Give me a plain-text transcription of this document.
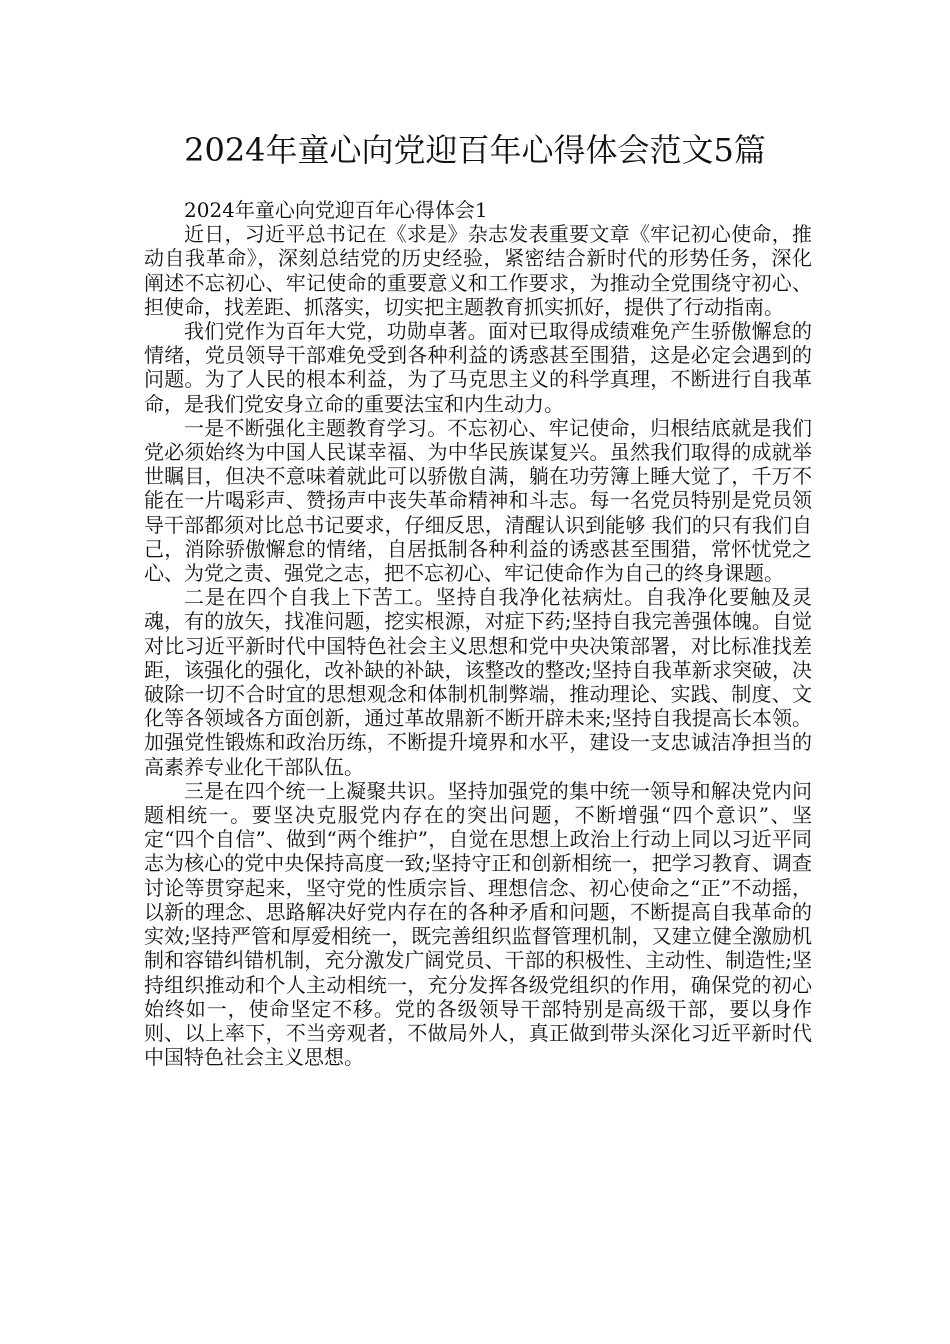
2024年童心向党迎百年心得体会范文5篇

2024年童心向党迎百年心得体会1

近日，习近平总书记在《求是》杂志发表重要文章《牢记初心使命，推动自我革命》，深刻总结党的历史经验，紧密结合新时代的形势任务，深化阐述不忘初心、牢记使命的重要意义和工作要求，为推动全党围绕守初心、担使命，找差距、抓落实，切实把主题教育抓实抓好，提供了行动指南。

我们党作为百年大党，功勋卓著。面对已取得成绩难免产生骄傲懈怠的情绪，党员领导干部难免受到各种利益的诱惑甚至围猎，这是必定会遇到的问题。为了人民的根本利益，为了马克思主义的科学真理，不断进行自我革命，是我们党安身立命的重要法宝和内生动力。

一是不断强化主题教育学习。不忘初心、牢记使命，归根结底就是我们党必须始终为中国人民谋幸福、为中华民族谋复兴。虽然我们取得的成就举世瞩目，但决不意味着就此可以骄傲自满，躺在功劳簿上睡大觉了，千万不能在一片喝彩声、赞扬声中丧失革命精神和斗志。每一名党员特别是党员领导干部都须对比总书记要求，仔细反思，清醒认识到能够 我们的只有我们自己，消除骄傲懈怠的情绪，自居抵制各种利益的诱惑甚至围猎，常怀忧党之心、为党之责、强党之志，把不忘初心、牢记使命作为自己的终身课题。

二是在四个自我上下苦工。坚持自我净化祛病灶。自我净化要触及灵魂，有的放矢，找准问题，挖实根源，对症下药;坚持自我完善强体魄。自觉对比习近平新时代中国特色社会主义思想和党中央决策部署，对比标准找差距，该强化的强化，改补缺的补缺，该整改的整改;坚持自我革新求突破，决破除一切不合时宜的思想观念和体制机制弊端，推动理论、实践、制度、文化等各领域各方面创新，通过革故鼎新不断开辟未来;坚持自我提高长本领。加强党性锻炼和政治历练，不断提升境界和水平，建设一支忠诚洁净担当的高素养专业化干部队伍。

三是在四个统一上凝聚共识。坚持加强党的集中统一领导和解决党内问题相统一。要坚决克服党内存在的突出问题，不断增强“四个意识”、坚定“四个自信”、做到“两个维护”，自觉在思想上政治上行动上同以习近平同志为核心的党中央保持高度一致;坚持守正和创新相统一，把学习教育、调查讨论等贯穿起来，坚守党的性质宗旨、理想信念、初心使命之“正”不动摇，以新的理念、思路解决好党内存在的各种矛盾和问题，不断提高自我革命的实效;坚持严管和厚爱相统一，既完善组织监督管理机制，又建立健全激励机制和容错纠错机制，充分激发广阔党员、干部的积极性、主动性、制造性;坚持组织推动和个人主动相统一，充分发挥各级党组织的作用，确保党的初心始终如一，使命坚定不移。党的各级领导干部特别是高级干部，要以身作则、以上率下，不当旁观者，不做局外人，真正做到带头深化习近平新时代中国特色社会主义思想。
